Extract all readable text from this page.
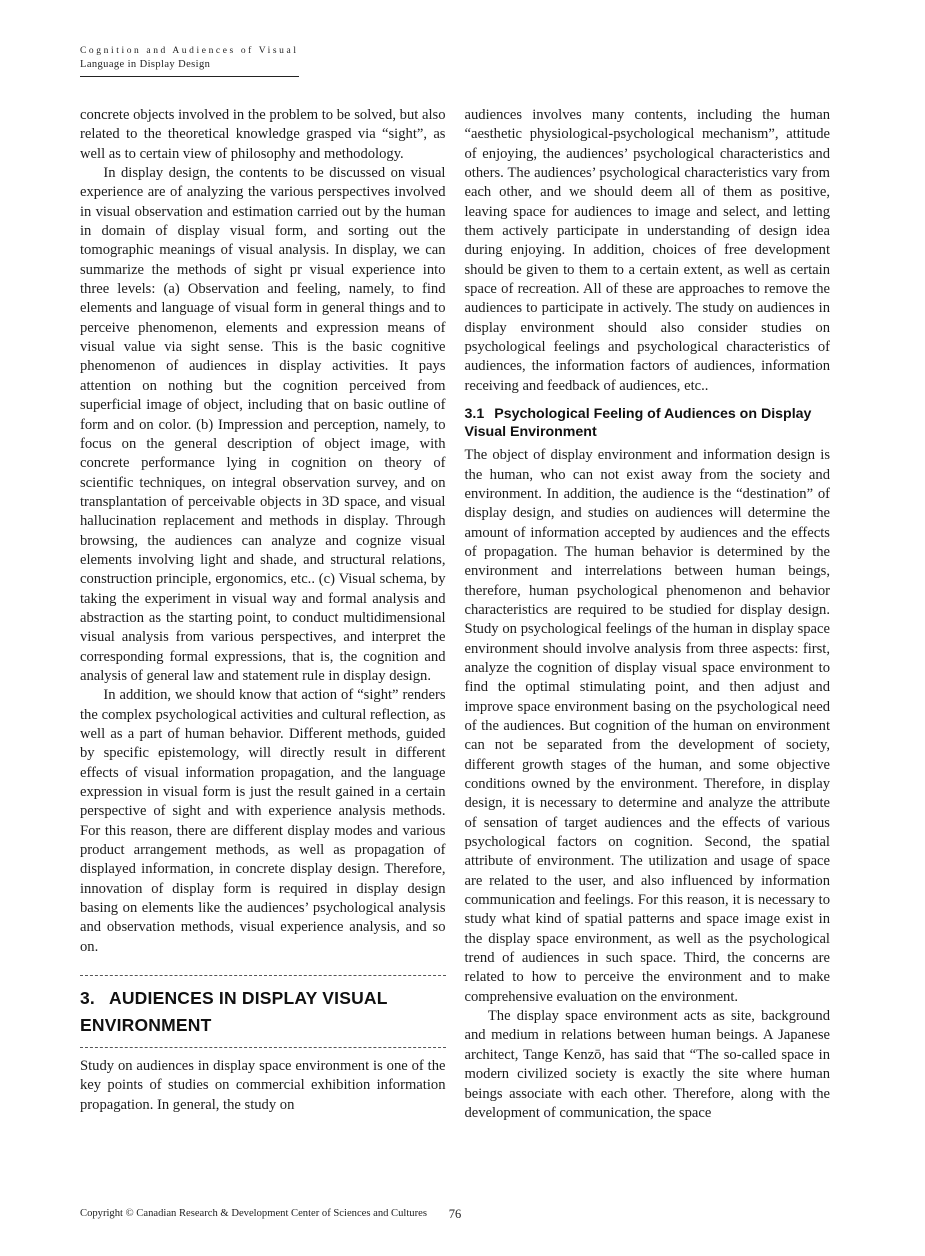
Cognition and Audiences of Visual
Language in Display Design

concrete objects involved in the problem to be solved, but also related to the theoretical knowledge grasped via “sight”, as well as to certain view of philosophy and methodology.

In display design, the contents to be discussed on visual experience are of analyzing the various perspectives involved in visual observation and estimation carried out by the human in domain of display visual form, and sorting out the tomographic meanings of visual analysis. In display, we can summarize the methods of sight pr visual experience into three levels: (a) Observation and feeling, namely, to find elements and language of visual form in general things and to perceive phenomenon, elements and expression means of visual value via sight sense. This is the basic cognitive phenomenon of audiences in display activities. It pays attention on nothing but the cognition perceived from superficial image of object, including that on basic outline of form and on color. (b) Impression and perception, namely, to focus on the general description of object image, with concrete performance lying in cognition on theory of scientific techniques, on integral observation survey, and on transplantation of perceivable objects in 3D space, and visual hallucination replacement and methods in display. Through browsing, the audiences can analyze and cognize visual elements involving light and shade, and structural relations, construction principle, ergonomics, etc.. (c) Visual schema, by taking the experiment in visual way and formal analysis and abstraction as the starting point, to conduct multidimensional visual analysis from various perspectives, and interpret the corresponding formal expressions, that is, the cognition and analysis of general law and statement rule in display design.

In addition, we should know that action of “sight” renders the complex psychological activities and cultural reflection, as well as a part of human behavior. Different methods, guided by specific epistemology, will directly result in different effects of visual information propagation, and the language expression in visual form is just the result gained in a certain perspective of sight and with experience analysis methods. For this reason, there are different display modes and various product arrangement methods, as well as propagation of displayed information, in concrete display design. Therefore, innovation of display form is required in display design basing on elements like the audiences’ psychological analysis and observation methods, visual experience analysis, and so on.

3. AUDIENCES IN DISPLAY VISUAL ENVIRONMENT

Study on audiences in display space environment is one of the key points of studies on commercial exhibition information propagation. In general, the study on

audiences involves many contents, including the human “aesthetic physiological-psychological mechanism”, attitude of enjoying, the audiences’ psychological characteristics and others. The audiences’ psychological characteristics vary from each other, and we should deem all of them as positive, leaving space for audiences to image and select, and letting them actively participate in understanding of design idea during enjoying. In addition, choices of free development should be given to them to a certain extent, as well as certain space of recreation. All of these are approaches to remove the audiences to participate in actively. The study on audiences in display environment should also consider studies on psychological feelings and psychological characteristics of audiences, the information factors of audiences, information receiving and feedback of audiences, etc..

3.1 Psychological Feeling of Audiences on Display Visual Environment

The object of display environment and information design is the human, who can not exist away from the society and environment. In addition, the audience is the “destination” of display design, and studies on audiences will determine the amount of information accepted by audiences and the effects of propagation. The human behavior is determined by the environment and interrelations between human beings, therefore, human psychological phenomenon and behavior characteristics are required to be studied for display design. Study on psychological feelings of the human in display space environment should involve analysis from three aspects: first, analyze the cognition of display visual space environment to find the optimal stimulating point, and then adjust and improve space environment basing on the psychological need of the audiences. But cognition of the human on environment can not be separated from the development of society, different growth stages of the human, and some objective conditions owned by the environment. Therefore, in display design, it is necessary to determine and analyze the attribute of sensation of target audiences and the effects of various psychological factors on cognition. Second, the spatial attribute of environment. The utilization and usage of space are related to the user, and also influenced by information communication and feelings. For this reason, it is necessary to study what kind of spatial patterns and space image exist in the display space environment, as well as the psychological trend of audiences in such space. Third, the concerns are related to how to perceive the environment and to make comprehensive evaluation on the environment.

The display space environment acts as site, background and medium in relations between human beings. A Japanese architect, Tange Kenzō, has said that “The so-called space in modern civilized society is exactly the site where human beings associate with each other. Therefore, along with the development of communication, the space

Copyright © Canadian Research & Development Center of Sciences and Cultures 76
